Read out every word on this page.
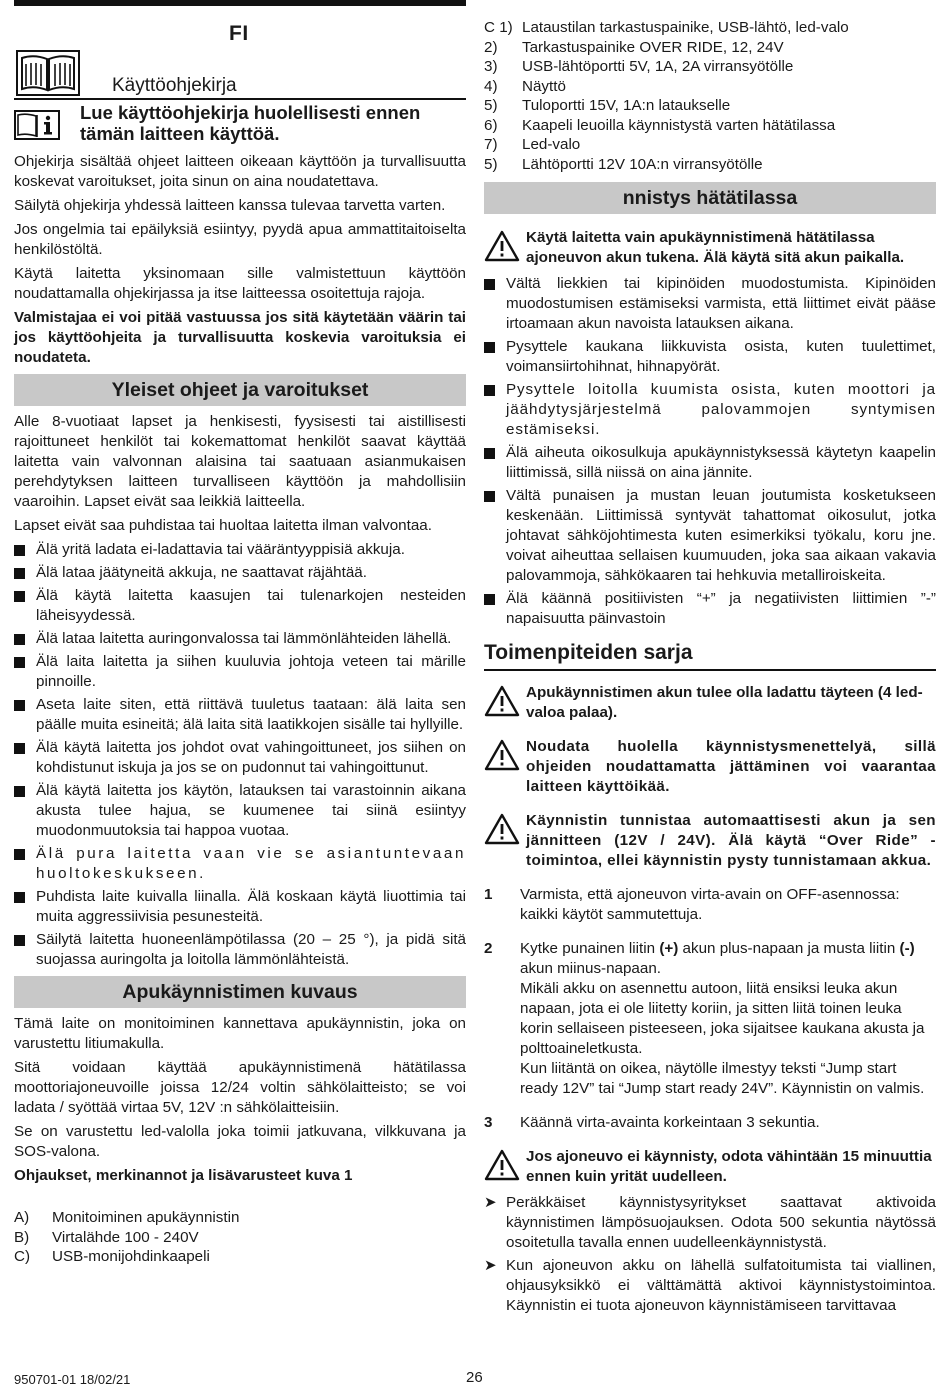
FI
Käyttöohjekirja
Lue käyttöohjekirja huolellisesti ennen tämän laitteen käyttöä.

Ohjekirja sisältää ohjeet laitteen oikeaan käyttöön ja turvallisuutta koskevat varoitukset, joita sinun on aina noudatettava.

Säilytä ohjekirja yhdessä laitteen kanssa tulevaa tarvetta varten.

Jos ongelmia tai epäilyksiä esiintyy, pyydä apua ammattitaitoiselta henkilöstöltä.

Käytä laitetta yksinomaan sille valmistettuun käyttöön noudattamalla ohjekirjassa ja itse laitteessa osoitettuja rajoja.

Valmistajaa ei voi pitää vastuussa jos sitä käytetään väärin tai jos käyttöohjeita ja turvallisuutta koskevia varoituksia ei noudateta.

Yleiset ohjeet ja varoitukset

Alle 8-vuotiaat lapset ja henkisesti, fyysisesti tai aistillisesti rajoittuneet henkilöt tai kokemattomat henkilöt saavat käyttää laitetta vain valvonnan alaisina tai saatuaan asianmukaisen perehdytyksen laitteen turvalliseen käyttöön ja mahdollisiin vaaroihin. Lapset eivät saa leikkiä laitteella.

Lapset eivät saa puhdistaa tai huoltaa laitetta ilman valvontaa.

Älä yritä ladata ei-ladattavia tai vääräntyyppisiä akkuja.
Älä lataa jäätyneitä akkuja, ne saattavat räjähtää.
Älä käytä laitetta kaasujen tai tulenarkojen nesteiden läheisyydessä.
Älä lataa laitetta auringonvalossa tai lämmönlähteiden lähellä.
Älä laita laitetta ja siihen kuuluvia johtoja veteen tai märille pinnoille.
Aseta laite siten, että riittävä tuuletus taataan: älä laita sen päälle muita esineitä; älä laita sitä laatikkojen sisälle tai hyllyille.
Älä käytä laitetta jos johdot ovat vahingoittuneet, jos siihen on kohdistunut iskuja ja jos se on pudonnut tai vahingoittunut.
Älä käytä laitetta jos käytön, latauksen tai varastoinnin aikana akusta tulee hajua, se kuumenee tai siinä esiintyy muodonmuutoksia tai happoa vuotaa.
Älä pura laitetta vaan vie se asiantuntevaan huoltokeskukseen.
Puhdista laite kuivalla liinalla. Älä koskaan käytä liuottimia tai muita aggressiivisia pesunesteitä.
Säilytä laitetta huoneenlämpötilassa (20 – 25 °), ja pidä sitä suojassa auringolta ja loitolla lämmönlähteistä.
Apukäynnistimen kuvaus

Tämä laite on monitoiminen kannettava apukäynnistin, joka on varustettu litiumakulla.

Sitä voidaan käyttää apukäynnistimenä hätätilassa moottoriajoneuvoille joissa 12/24 voltin sähkölaitteisto; se voi ladata / syöttää virtaa 5V, 12V :n sähkölaitteisiin.

Se on varustettu led-valolla joka toimii jatkuvana, vilkkuvana ja SOS-valona.

Ohjaukset, merkinannot ja lisävarusteet kuva 1

A)	Monitoiminen apukäynnistin
B)	Virtalähde 100 - 240V
C)	USB-monijohdinkaapeli
C 1) Lataustilan tarkastuspainike, USB-lähtö, led-valo
2)	Tarkastuspainike OVER RIDE, 12, 24V
3)	USB-lähtöportti 5V, 1A, 2A virransyötölle
4)	Näyttö
5)	Tuloportti 15V, 1A:n lataukselle
6)	Kaapeli leuoilla käynnistystä varten hätätilassa
7)	Led-valo
5)	Lähtöportti 12V 10A:n virransyötölle
nnistys hätätilassa
Käytä laitetta vain apukäynnistimenä hätätilassa ajoneuvon akun tukena. Älä käytä sitä akun paikalla.
Vältä liekkien tai kipinöiden muodostumista. Kipinöiden muodostumisen estämiseksi varmista, että liittimet eivät pääse irtoamaan akun navoista latauksen aikana.
Pysyttele kaukana liikkuvista osista, kuten tuulettimet, voimansiirtohihnat, hihnapyörät.
Pysyttele loitolla kuumista osista, kuten moottori ja jäähdytysjärjestelmä palovammojen syntymisen estämiseksi.
Älä aiheuta oikosulkuja apukäynnistyksessä käytetyn kaapelin liittimissä, sillä niissä on aina jännite.
Vältä punaisen ja mustan leuan joutumista kosketukseen keskenään. Liittimissä syntyvät tahattomat oikosulut, jotka johtavat sähköjohtimesta kuten esimerkiksi työkalu, koru jne. voivat aiheuttaa sellaisen kuumuuden, joka saa aikaan vakavia palovammoja, sähkökaaren tai hehkuvia metalliroiskeita.
Älä käännä positiivisten “+” ja negatiivisten liittimien ”-” napaisuutta päinvastoin
Toimenpiteiden sarja
Apukäynnistimen akun tulee olla ladattu täyteen (4 led-valoa palaa).
Noudata huolella käynnistysmenettelyä, sillä ohjeiden noudattamatta jättäminen voi vaarantaa laitteen käyttöikää.
Käynnistin tunnistaa automaattisesti akun ja sen jännitteen (12V / 24V). Älä käytä “Over Ride” -toimintoa, ellei käynnistin pysty tunnistamaan akkua.
1 Varmista, että ajoneuvon virta-avain on OFF-asennossa: kaikki käytöt sammutettuja.
2 Kytke punainen liitin (+) akun plus-napaan ja musta liitin (-) akun miinus-napaan.
Mikäli akku on asennettu autoon, liitä ensiksi leuka akun napaan, jota ei ole liitetty koriin, ja sitten liitä toinen leuka korin sellaiseen pisteeseen, joka sijaitsee kaukana akusta ja polttoaineletkusta.
Kun liitäntä on oikea, näytölle ilmestyy teksti “Jump start ready 12V” tai “Jump start ready 24V”. Käynnistin on valmis.
3 Käännä virta-avainta korkeintaan 3 sekuntia.
Jos ajoneuvo ei käynnisty, odota vähintään 15 minuuttia ennen kuin yrität uudelleen.
➤ Peräkkäiset käynnistysyritykset saattavat aktivoida käynnistimen lämpösuojauksen. Odota 500 sekuntia näytössä osoitetulla tavalla ennen uudelleenkäynnistystä.
➤ Kun ajoneuvon akku on lähellä sulfatoitumista tai viallinen, ohjausyksikkö ei välttämättä aktivoi käynnistystoimintoa. Käynnistin ei tuota ajoneuvon käynnistämiseen tarvittavaa
950701-01 18/02/21	26
